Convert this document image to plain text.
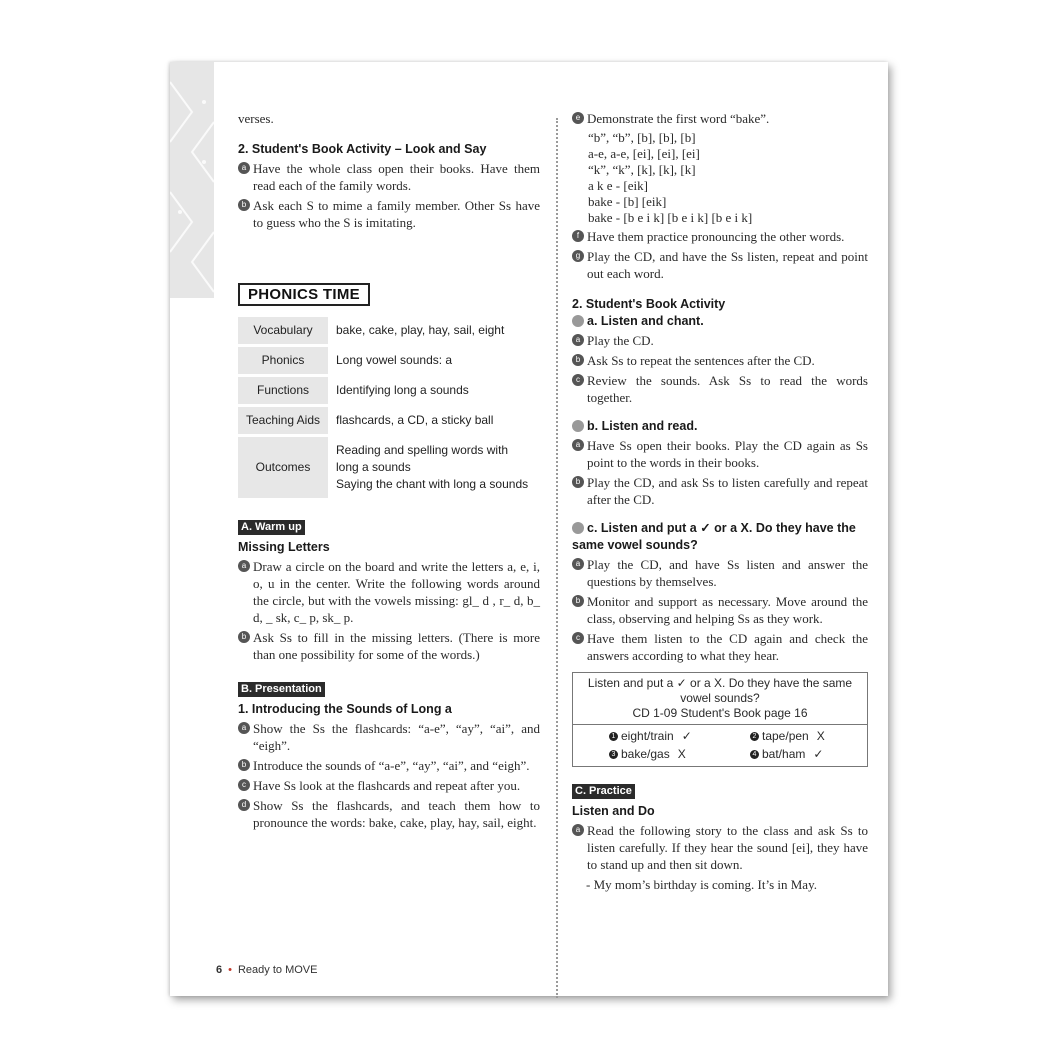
verses.
2. Student's Book Activity – Look and Say
a Have the whole class open their books. Have them read each of the family words.
b Ask each S to mime a family member. Other Ss have to guess who the S is imitating.
PHONICS TIME
Vocabulary	bake, cake, play, hay, sail, eight

Phonics	Long vowel sounds: a

Functions	Identifying long a sounds

Teaching Aids	flashcards, a CD, a sticky ball

Outcomes	Reading and spelling words with long a sounds
Saying the chant with long a sounds
A. Warm up
Missing Letters
a Draw a circle on the board and write the letters a, e, i, o, u in the center. Write the following words around the circle, but with the vowels missing: gl_ d , r_ d, b_ d, _ sk, c_ p, sk_ p.
b Ask Ss to fill in the missing letters. (There is more than one possibility for some of the words.)
B. Presentation
1. Introducing the Sounds of Long a
a Show the Ss the flashcards: “a-e”, “ay”, “ai”, and “eigh”.
b Introduce the sounds of “a-e”, “ay”, “ai”, and “eigh”.
c Have Ss look at the flashcards and repeat after you.
d Show Ss the flashcards, and teach them how to pronounce the words: bake, cake, play, hay, sail, eight.
e Demonstrate the first word “bake”.
“b”, “b”, [b], [b], [b]
a-e, a-e, [ei], [ei], [ei]
“k”, “k”, [k], [k], [k]
a k e - [eik]
bake - [b] [eik]
bake - [b e i k] [b e i k] [b e i k]
f Have them practice pronouncing the other words.
g Play the CD, and have the Ss listen, repeat and point out each word.
2. Student's Book Activity
a. Listen and chant.
a Play the CD.
b Ask Ss to repeat the sentences after the CD.
c Review the sounds. Ask Ss to read the words together.
b. Listen and read.
a Have Ss open their books. Play the CD again as Ss point to the words in their books.
b Play the CD, and ask Ss to listen carefully and repeat after the CD.
c. Listen and put a ✓ or a X. Do they have the same vowel sounds?
a Play the CD, and have Ss listen and answer the questions by themselves.
b Monitor and support as necessary. Move around the class, observing and helping Ss as they work.
c Have them listen to the CD again and check the answers according to what they hear.
Listen and put a ✓ or a X. Do they have the same vowel sounds?
CD 1-09 Student's Book page 16
1 eight/train ✓	2 tape/pen X
3 bake/gas X	4 bat/ham ✓
C. Practice
Listen and Do
a Read the following story to the class and ask Ss to listen carefully. If they hear the sound [ei], they have to stand up and then sit down.
- My mom’s birthday is coming. It’s in May.
6 • Ready to MOVE
